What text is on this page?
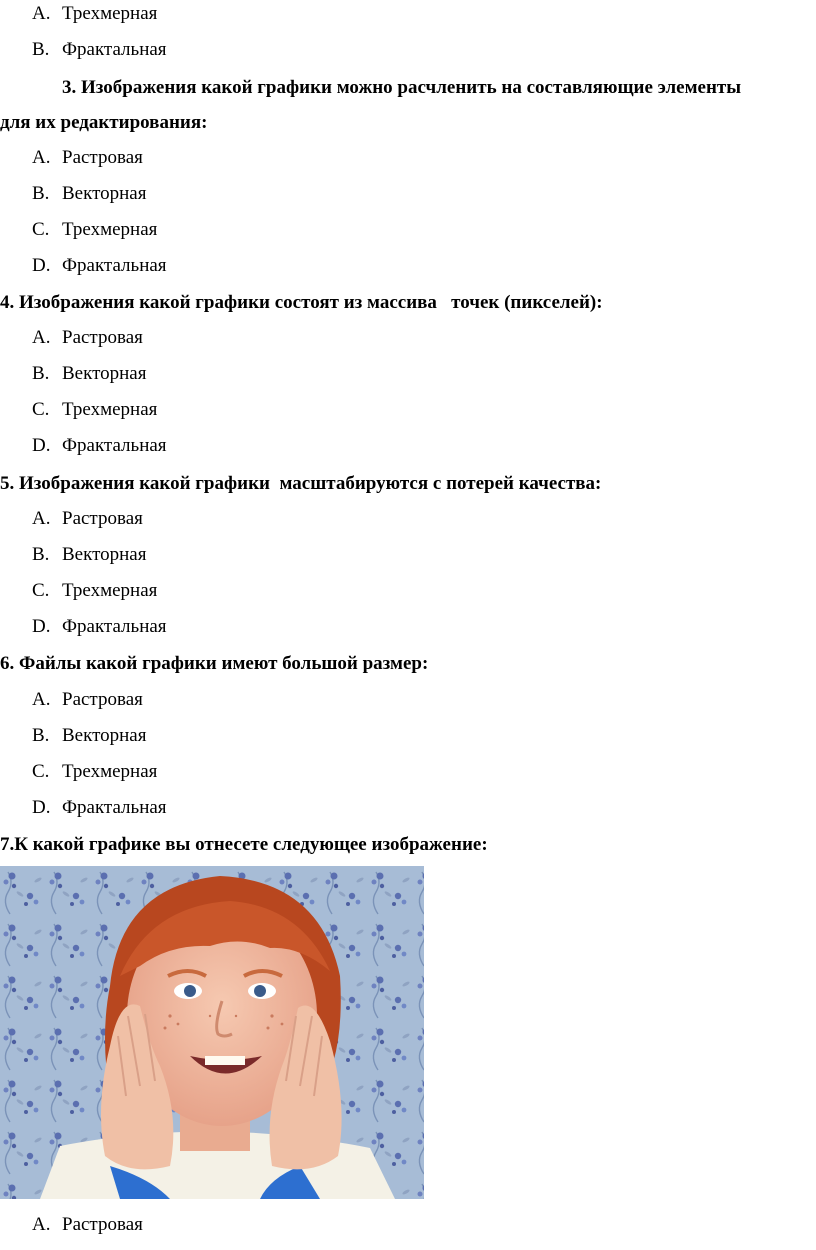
A. Трехмерная
B. Фрактальная
3. Изображения какой графики можно расчленить на составляющие элементы
для их редактирования:
A. Растровая
B. Векторная
C. Трехмерная
D. Фрактальная
4. Изображения какой графики состоят из массива   точек (пикселей):
A. Растровая
B. Векторная
C. Трехмерная
D. Фрактальная
5. Изображения какой графики  масштабируются с потерей качества:
A. Растровая
B. Векторная
C. Трехмерная
D. Фрактальная
6. Файлы какой графики имеют большой размер:
A. Растровая
B. Векторная
C. Трехмерная
D. Фрактальная
7.К какой графике вы отнесете следующее изображение:
A. Растровая
